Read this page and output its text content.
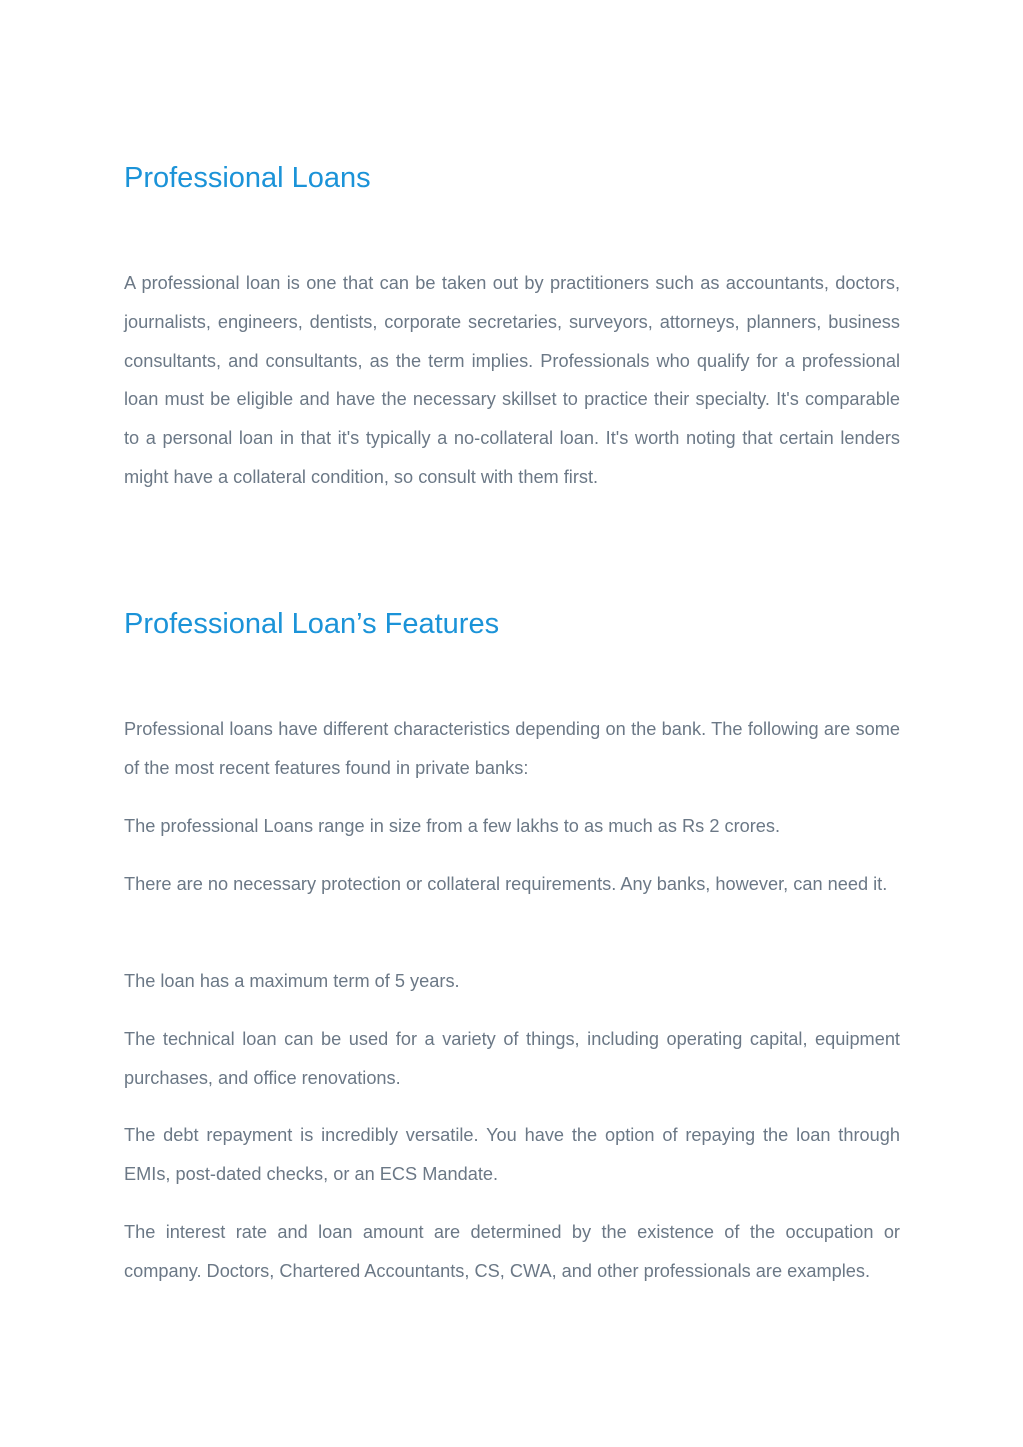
Professional Loans

A professional loan is one that can be taken out by practitioners such as accountants, doctors, journalists, engineers, dentists, corporate secretaries, surveyors, attorneys, planners, business consultants, and consultants, as the term implies. Professionals who qualify for a professional loan must be eligible and have the necessary skillset to practice their specialty. It's comparable to a personal loan in that it's typically a no-collateral loan. It's worth noting that certain lenders might have a collateral condition, so consult with them first.

Professional Loan’s Features

Professional loans have different characteristics depending on the bank. The following are some of the most recent features found in private banks:

The professional Loans range in size from a few lakhs to as much as Rs 2 crores.

There are no necessary protection or collateral requirements. Any banks, however, can need it.

The loan has a maximum term of 5 years.

The technical loan can be used for a variety of things, including operating capital, equipment purchases, and office renovations.

The debt repayment is incredibly versatile. You have the option of repaying the loan through EMIs, post-dated checks, or an ECS Mandate.

The interest rate and loan amount are determined by the existence of the occupation or company. Doctors, Chartered Accountants, CS, CWA, and other professionals are examples.
